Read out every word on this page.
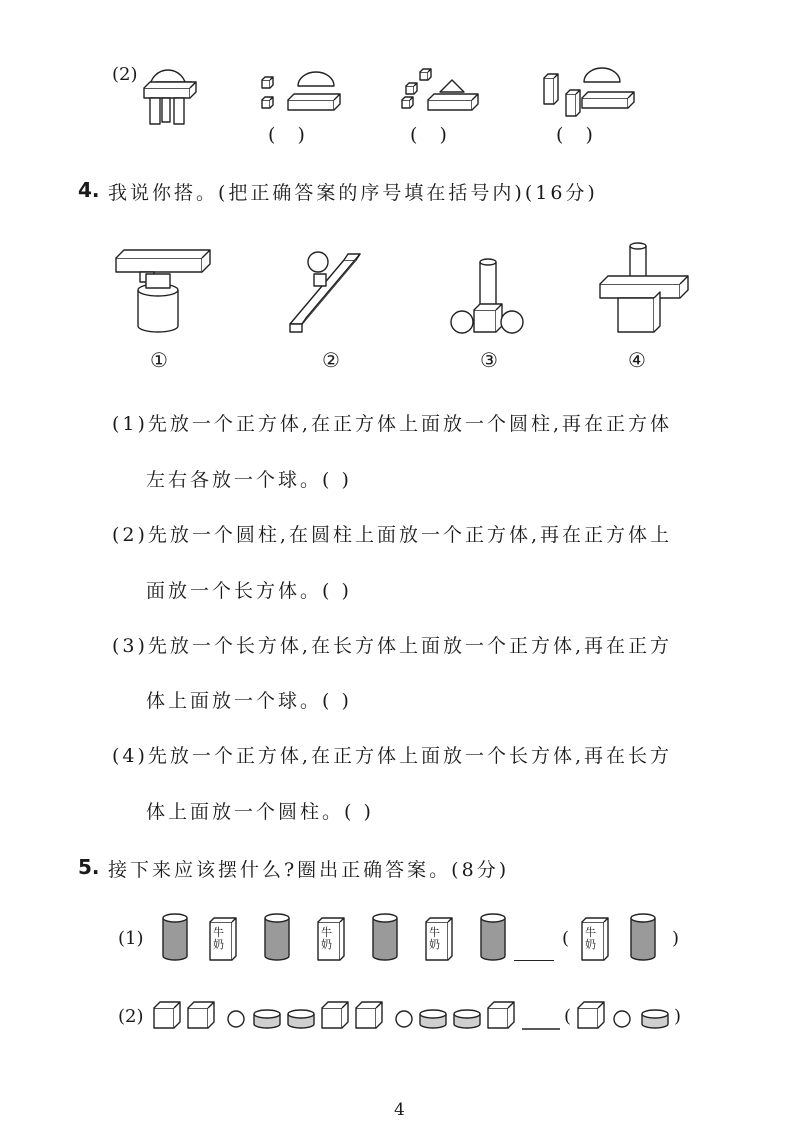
(2)
( )	( )	( )
4. 我说你搭。(把正确答案的序号填在括号内)(16分)
①	②	③	④
(1)先放一个正方体,在正方体上面放一个圆柱,再在正方体
左右各放一个球。( )
(2)先放一个圆柱,在圆柱上面放一个正方体,再在正方体上
面放一个长方体。( )
(3)先放一个长方体,在长方体上面放一个正方体,再在正方
体上面放一个球。( )
(4)先放一个正方体,在正方体上面放一个长方体,再在长方
体上面放一个圆柱。( )
5. 接下来应该摆什么?圈出正确答案。(8分)
(1)	牛奶
牛奶
牛奶	( 牛奶	)
(2)	(	)
4
